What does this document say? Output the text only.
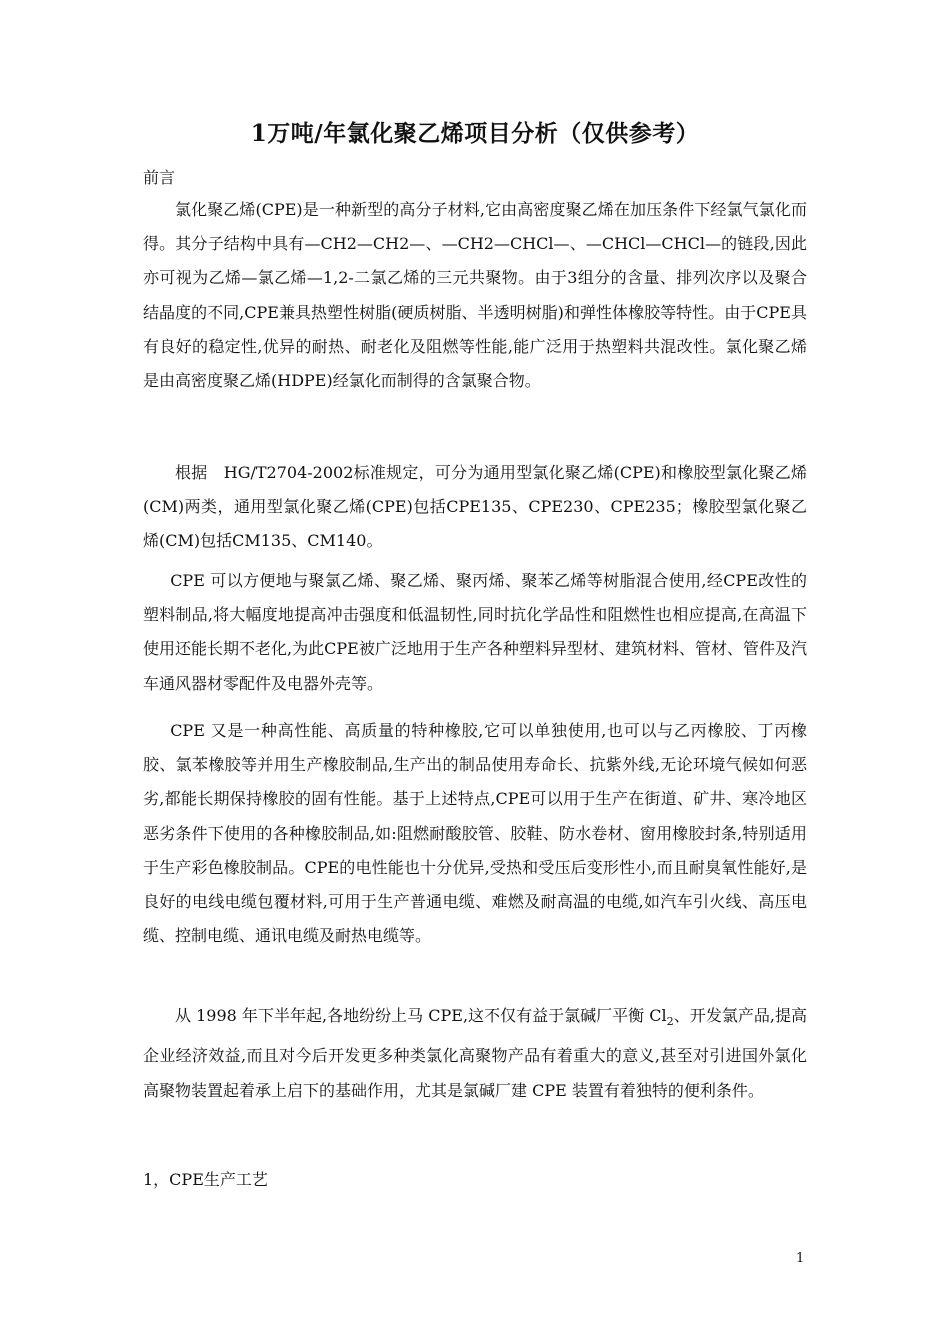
1万吨/年氯化聚乙烯项目分析（仅供参考）
前言
氯化聚乙烯(CPE)是一种新型的高分子材料,它由高密度聚乙烯在加压条件下经氯气氯化而得。其分子结构中具有—CH2—CH2—、—CH2—CHCl—、—CHCl—CHCl—的链段,因此亦可视为乙烯—氯乙烯—1,2-二氯乙烯的三元共聚物。由于3组分的含量、排列次序以及聚合结晶度的不同,CPE兼具热塑性树脂(硬质树脂、半透明树脂)和弹性体橡胶等特性。由于CPE具有良好的稳定性,优异的耐热、耐老化及阻燃等性能,能广泛用于热塑料共混改性。氯化聚乙烯是由高密度聚乙烯(HDPE)经氯化而制得的含氯聚合物。
根据　HG/T2704-2002标准规定，可分为通用型氯化聚乙烯(CPE)和橡胶型氯化聚乙烯(CM)两类，通用型氯化聚乙烯(CPE)包括CPE135、CPE230、CPE235；橡胶型氯化聚乙烯(CM)包括CM135、CM140。
CPE 可以方便地与聚氯乙烯、聚乙烯、聚丙烯、聚苯乙烯等树脂混合使用,经CPE改性的塑料制品,将大幅度地提高冲击强度和低温韧性,同时抗化学品性和阻燃性也相应提高,在高温下使用还能长期不老化,为此CPE被广泛地用于生产各种塑料异型材、建筑材料、管材、管件及汽车通风器材零配件及电器外壳等。
CPE 又是一种高性能、高质量的特种橡胶,它可以单独使用,也可以与乙丙橡胶、丁丙橡胶、氯苯橡胶等并用生产橡胶制品,生产出的制品使用寿命长、抗紫外线,无论环境气候如何恶劣,都能长期保持橡胶的固有性能。基于上述特点,CPE可以用于生产在街道、矿井、寒冷地区恶劣条件下使用的各种橡胶制品,如:阻燃耐酸胶管、胶鞋、防水卷材、窗用橡胶封条,特别适用于生产彩色橡胶制品。CPE的电性能也十分优异,受热和受压后变形性小,而且耐臭氧性能好,是良好的电线电缆包覆材料,可用于生产普通电缆、难燃及耐高温的电缆,如汽车引火线、高压电缆、控制电缆、通讯电缆及耐热电缆等。
从 1998 年下半年起,各地纷纷上马 CPE,这不仅有益于氯碱厂平衡 $Cl_2$、开发氯产品,提高企业经济效益,而且对今后开发更多种类氯化高聚物产品有着重大的意义,甚至对引进国外氯化高聚物装置起着承上启下的基础作用，尤其是氯碱厂建 CPE 装置有着独特的便利条件。
1，CPE生产工艺
1
